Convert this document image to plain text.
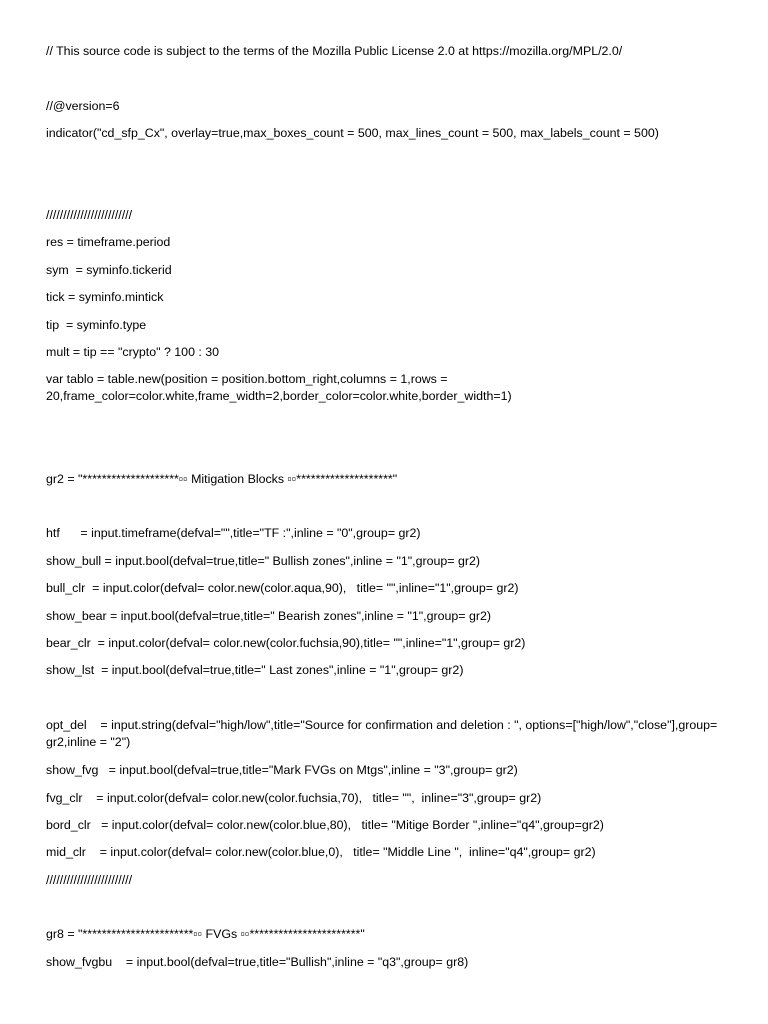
// This source code is subject to the terms of the Mozilla Public License 2.0 at https://mozilla.org/MPL/2.0/
//@version=6
indicator("cd_sfp_Cx", overlay=true,max_boxes_count = 500, max_lines_count = 500, max_labels_count = 500)
/////////////////////////
res = timeframe.period
sym  = syminfo.tickerid
tick = syminfo.mintick
tip  = syminfo.type
mult = tip == "crypto" ? 100 : 30
var tablo = table.new(position = position.bottom_right,columns = 1,rows = 20,frame_color=color.white,frame_width=2,border_color=color.white,border_width=1)
gr2 = "********************▫▫ Mitigation Blocks ▫▫********************"
htf      = input.timeframe(defval="",title="TF :",inline = "0",group= gr2)
show_bull = input.bool(defval=true,title=" Bullish zones",inline = "1",group= gr2)
bull_clr  = input.color(defval= color.new(color.aqua,90),   title= "",inline="1",group= gr2)
show_bear = input.bool(defval=true,title=" Bearish zones",inline = "1",group= gr2)
bear_clr  = input.color(defval= color.new(color.fuchsia,90),title= "",inline="1",group= gr2)
show_lst  = input.bool(defval=true,title=" Last zones",inline = "1",group= gr2)
opt_del    = input.string(defval="high/low",title="Source for confirmation and deletion : ", options=["high/low","close"],group= gr2,inline = "2")
show_fvg   = input.bool(defval=true,title="Mark FVGs on Mtgs",inline = "3",group= gr2)
fvg_clr    = input.color(defval= color.new(color.fuchsia,70),   title= "",  inline="3",group= gr2)
bord_clr   = input.color(defval= color.new(color.blue,80),   title= "Mitige Border ",inline="q4",group=gr2)
mid_clr    = input.color(defval= color.new(color.blue,0),   title= "Middle Line ",  inline="q4",group= gr2)
/////////////////////////
gr8 = "***********************▫▫ FVGs ▫▫***********************"
show_fvgbu    = input.bool(defval=true,title="Bullish",inline = "q3",group= gr8)
